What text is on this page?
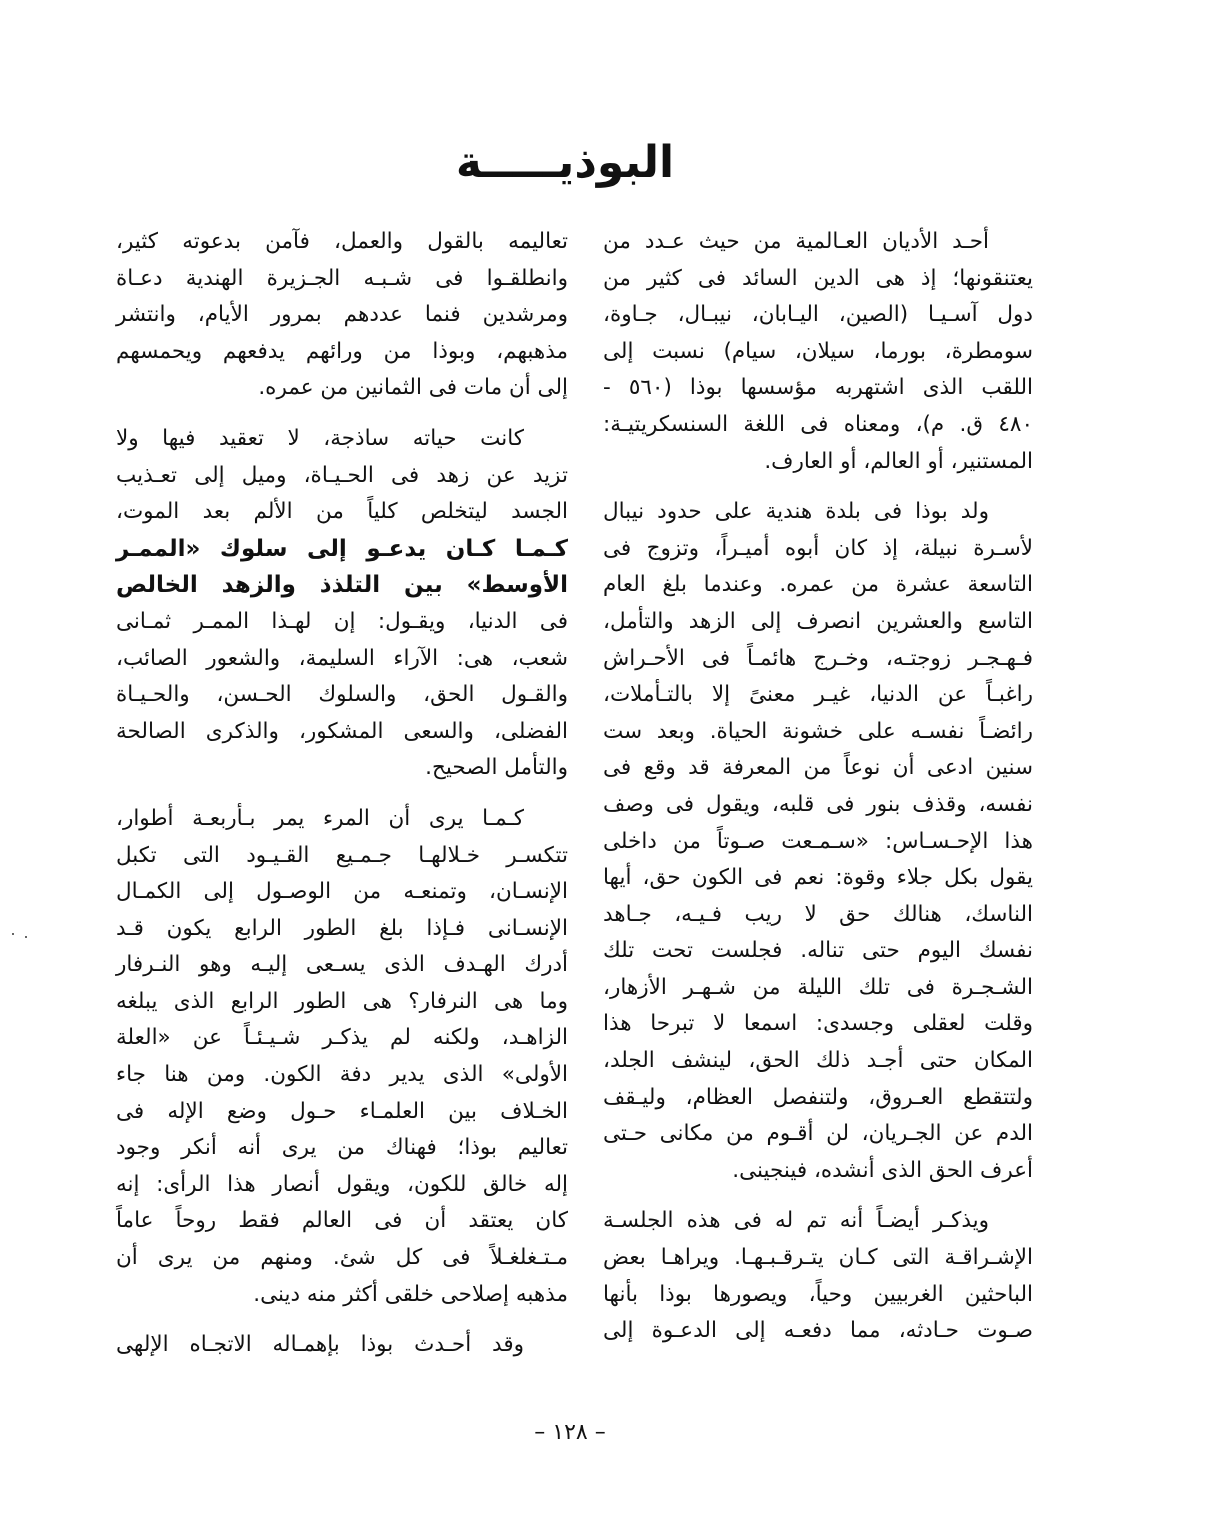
البوذيـــــة
أحـد الأديان العـالمية من حيث عـدد من
يعتنقونها؛ إذ هى الدين السائد فى كثير من
دول آسـيـا (الصين، اليـابان، نيبـال، جـاوة،
سومطرة، بورما، سيلان، سيام) نسبت إلى
اللقب الذى اشتهربه مؤسسها بوذا (٥٦٠ -
٤٨٠ ق. م)، ومعناه فى اللغة السنسكريتيـة:
المستنير، أو العالم، أو العارف.
ولد بوذا فى بلدة هندية على حدود نيبال
لأسـرة نبيلة، إذ كان أبوه أميـراً، وتزوج فى
التاسعة عشرة من عمره. وعندما بلغ العام
التاسع والعشرين انصرف إلى الزهد والتأمل،
فـهـجـر زوجتـه، وخـرج هائمـاً فى الأحـراش
راغبـاً عن الدنيا، غيـر معنىً إلا بالتـأملات،
رائضـاً نفسـه على خشونة الحياة. وبعد ست
سنين ادعى أن نوعاً من المعرفة قد وقع فى
نفسه، وقذف بنور فى قلبه، ويقول فى وصف
هذا الإحـسـاس: «سـمـعت صـوتاً من داخلى
يقول بكل جلاء وقوة: نعم فى الكون حق، أيها
الناسك، هنالك حق لا ريب فـيـه، جـاهد
نفسك اليوم حتى تناله. فجلست تحت تلك
الشـجـرة فى تلك الليلة من شـهـر الأزهار،
وقلت لعقلى وجسدى: اسمعا لا تبرحا هذا
المكان حتى أجـد ذلك الحق، لينشف الجلد،
ولتتقطع العـروق، ولتنفصل العظام، وليـقف
الدم عن الجـريان، لن أقـوم من مكانى حـتى
أعرف الحق الذى أنشده، فينجينى.
ويذكـر أيضـاً أنه تم له فى هذه الجلسـة
الإشـراقـة التى كـان يتـرقـبـهـا. ويراهـا بعض
الباحثين الغربيين وحياً، ويصورها بوذا بأنها
صـوت حـادثه، مما دفعـه إلى الدعـوة إلى
تعاليمه بالقول والعمل، فآمن بدعوته كثير،
وانطلقـوا فى شـبـه الجـزيرة الهندية دعـاة
ومرشدين فنما عددهم بمرور الأيام، وانتشر
مذهبهم، وبوذا من ورائهم يدفعهم ويحمسهم
إلى أن مات فى الثمانين من عمره.
كانت حياته ساذجة، لا تعقيد فيها ولا
تزيد عن زهد فى الحـيـاة، وميل إلى تعـذيب
الجسد ليتخلص كلياً من الألم بعد الموت،
كـمـا كـان يدعـو إلى سلوك «الممـر
الأوسط» بين التلذذ والزهد الخالص
فى الدنيا، ويقـول: إن لهـذا الممـر ثمـانى
شعب، هى: الآراء السليمة، والشعور الصائب،
والقـول الحق، والسلوك الحـسن، والحـيـاة
الفضلى، والسعى المشكور، والذكرى الصالحة
والتأمل الصحيح.
كـمـا يرى أن المرء يمر بـأربعـة أطوار،
تتكسـر خـلالهـا جـمـيع القـيـود التى تكبل
الإنسـان، وتمنعـه من الوصـول إلى الكمـال
الإنسـانى فـإذا بلغ الطور الرابع يكون قـد
أدرك الهـدف الذى يسـعى إليـه وهو النـرفار
وما هى النرفار؟ هى الطور الرابع الذى يبلغه
الزاهـد، ولكنه لم يذكـر شـيـئـاً عن «العلة
الأولى» الذى يدير دفة الكون. ومن هنا جاء
الخـلاف بين العلمـاء حـول وضع الإله فى
تعاليم بوذا؛ فهناك من يرى أنه أنكر وجود
إله خالق للكون، ويقول أنصار هذا الرأى: إنه
كان يعتقد أن فى العالم فقط روحاً عاماً
مـتـغلغـلاً فى كل شئ. ومنهم من يرى أن
مذهبه إصلاحى خلقى أكثر منه دينى.
وقد أحـدث بوذا بإهمـاله الاتجـاه الإلهى
– ١٢٨ –
